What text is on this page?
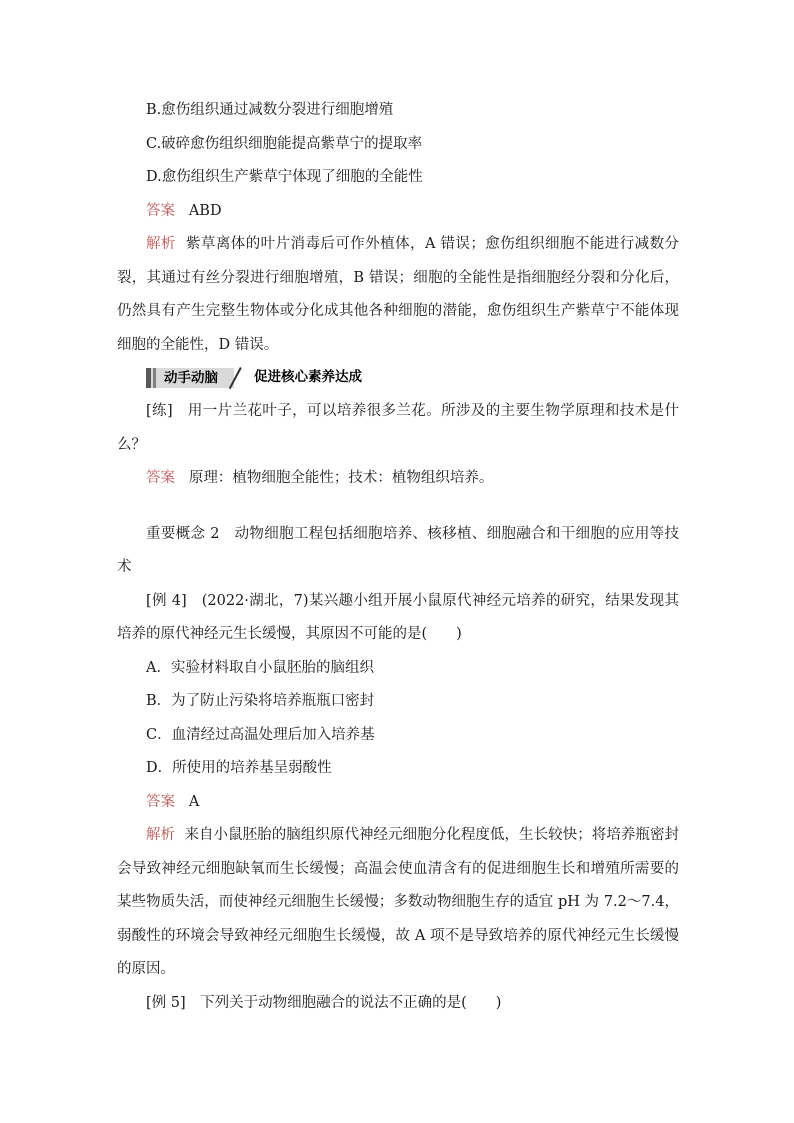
B.愈伤组织通过减数分裂进行细胞增殖

C.破碎愈伤组织细胞能提高紫草宁的提取率

D.愈伤组织生产紫草宁体现了细胞的全能性

答案 ABD

解析 紫草离体的叶片消毒后可作外植体，A 错误；愈伤组织细胞不能进行减数分裂，其通过有丝分裂进行细胞增殖，B 错误；细胞的全能性是指细胞经分裂和分化后，仍然具有产生完整生物体或分化成其他各种细胞的潜能，愈伤组织生产紫草宁不能体现细胞的全能性，D 错误。

动手动脑	促进核心素养达成

[练]　用一片兰花叶子，可以培养很多兰花。所涉及的主要生物学原理和技术是什么？

答案 原理：植物细胞全能性；技术：植物组织培养。

重要概念 2　动物细胞工程包括细胞培养、核移植、细胞融合和干细胞的应用等技术

[例 4]　(2022·湖北，7)某兴趣小组开展小鼠原代神经元培养的研究，结果发现其培养的原代神经元生长缓慢，其原因不可能的是(　　)

A．实验材料取自小鼠胚胎的脑组织

B．为了防止污染将培养瓶瓶口密封

C．血清经过高温处理后加入培养基

D．所使用的培养基呈弱酸性

答案 A

解析 来自小鼠胚胎的脑组织原代神经元细胞分化程度低，生长较快；将培养瓶密封会导致神经元细胞缺氧而生长缓慢；高温会使血清含有的促进细胞生长和增殖所需要的某些物质失活，而使神经元细胞生长缓慢；多数动物细胞生存的适宜 pH 为 7.2～7.4，弱酸性的环境会导致神经元细胞生长缓慢，故 A 项不是导致培养的原代神经元生长缓慢的原因。

[例 5]　下列关于动物细胞融合的说法不正确的是(　　)
